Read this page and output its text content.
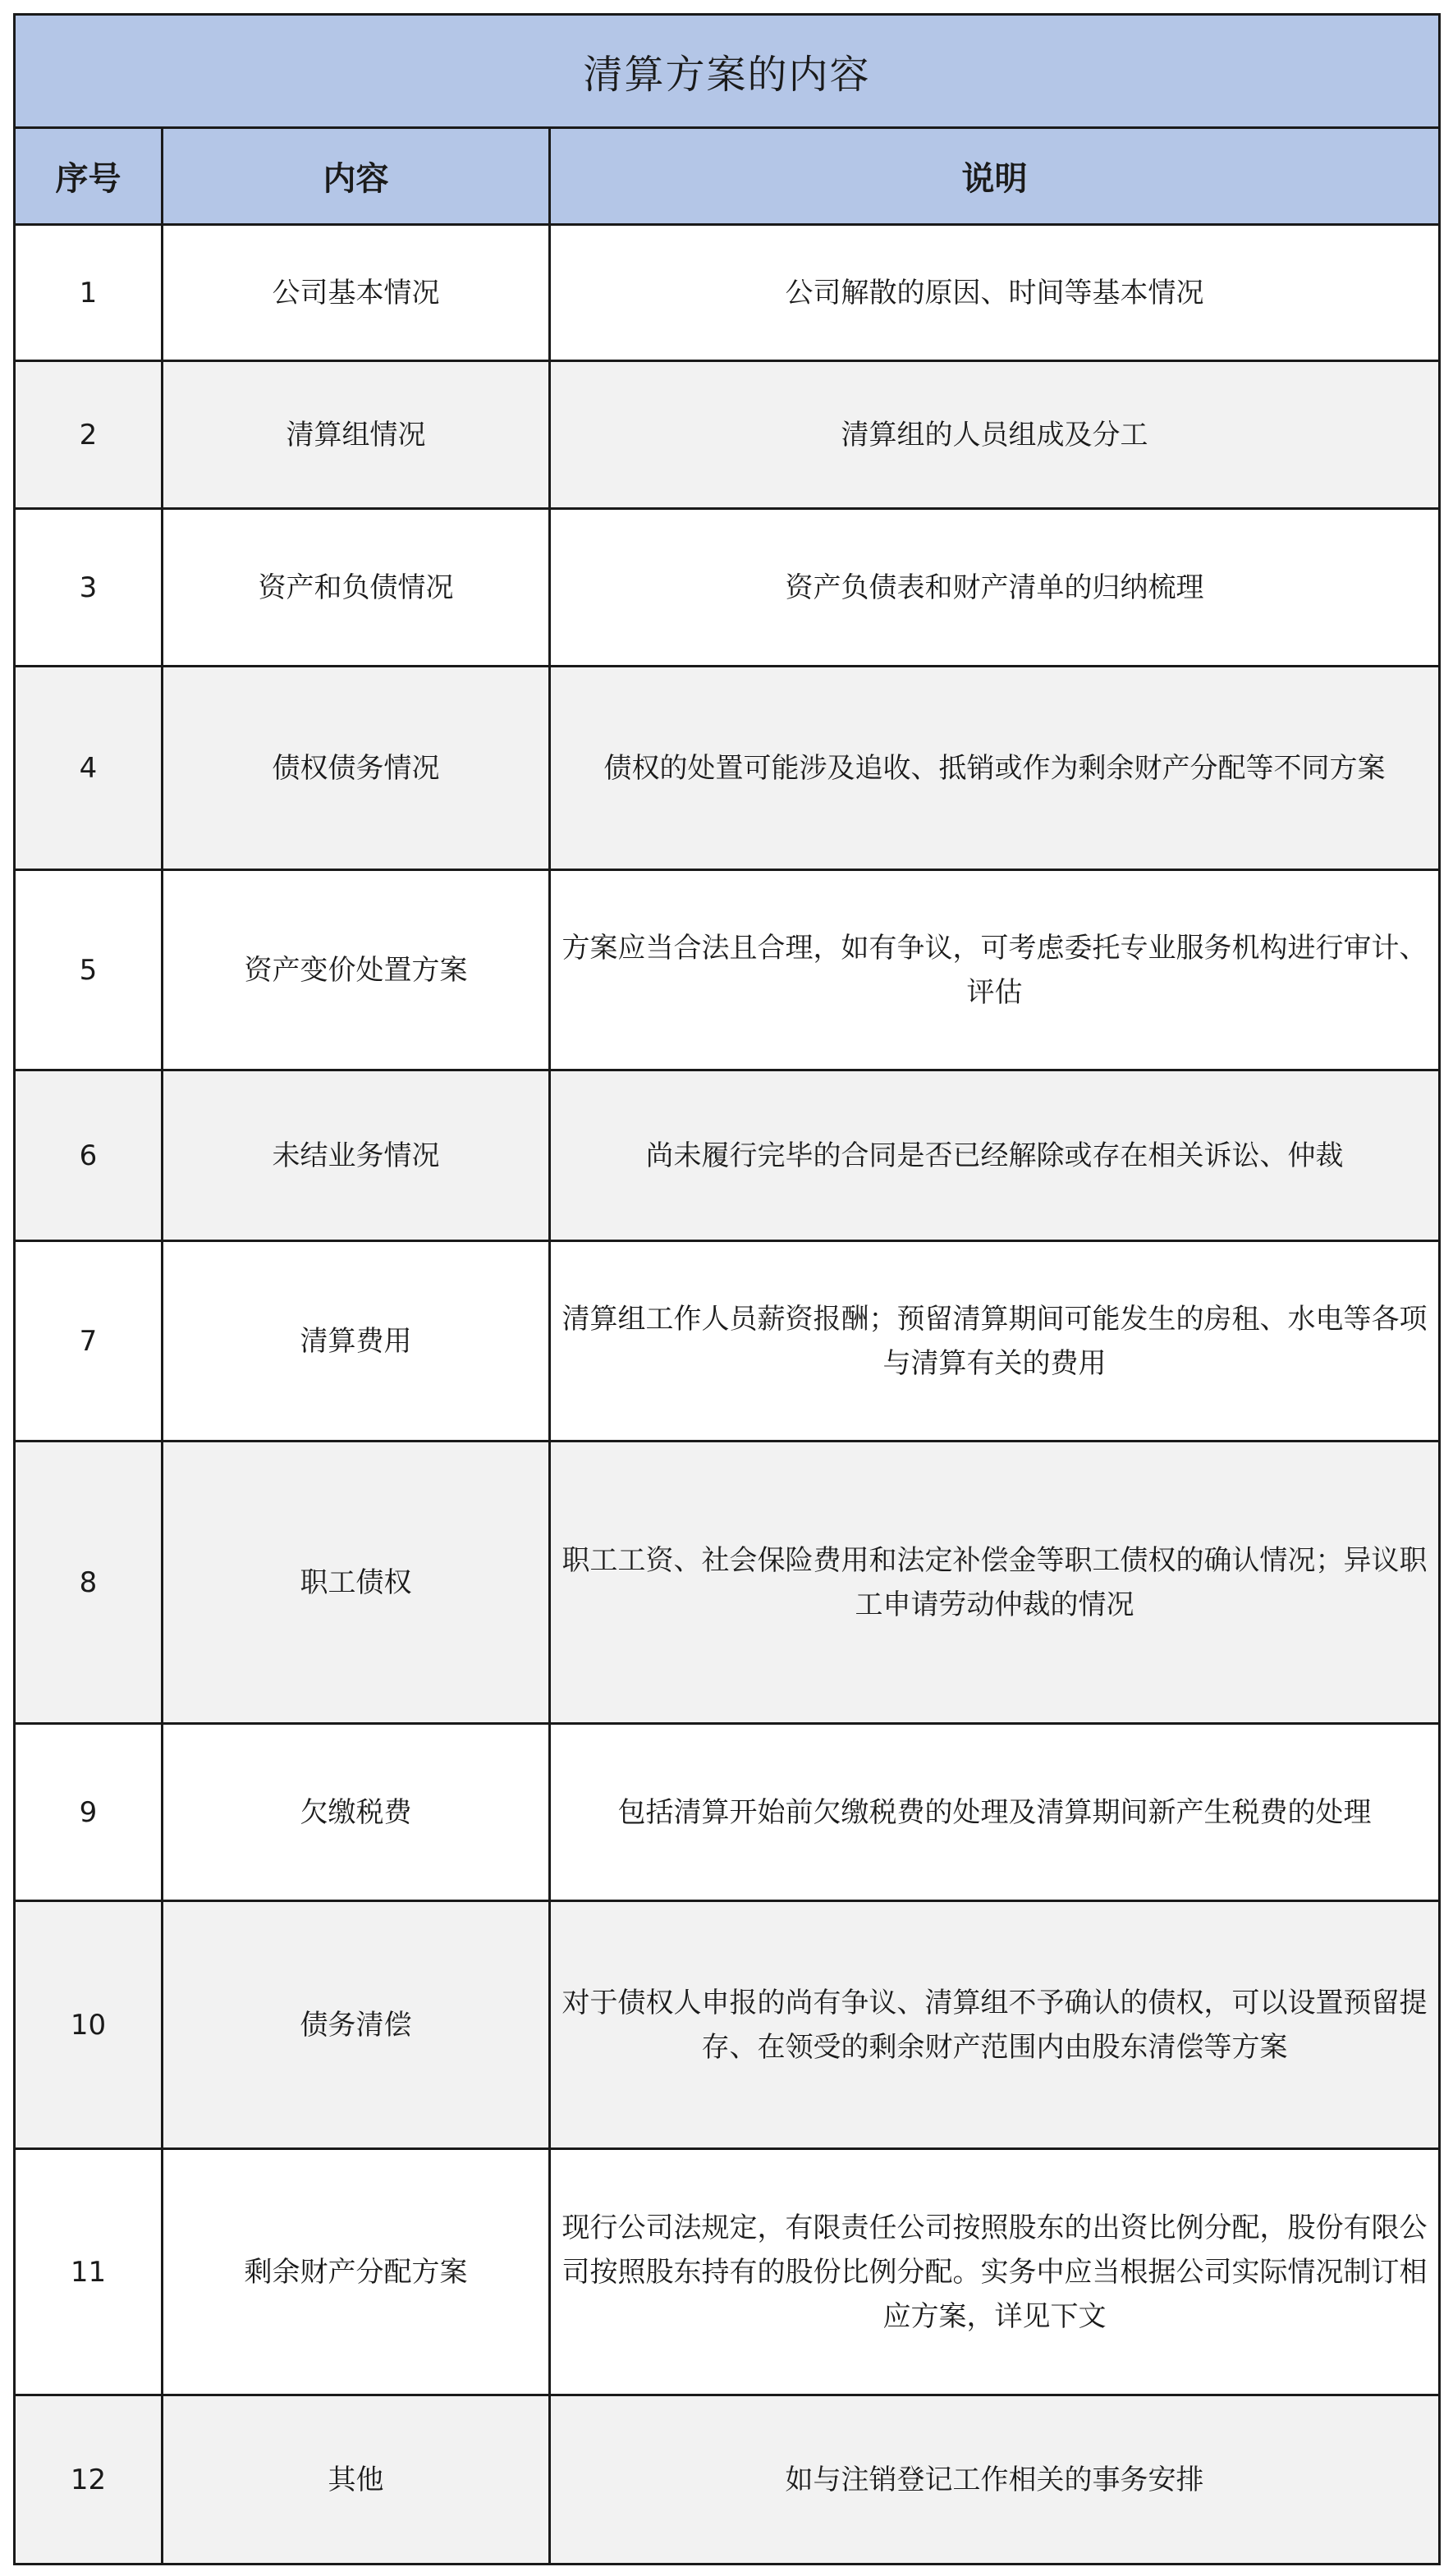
清算方案的内容		
序号	内容	说明
1	公司基本情况	公司解散的原因、时间等基本情况
2	清算组情况	清算组的人员组成及分工
3	资产和负债情况	资产负债表和财产清单的归纳梳理
4	债权债务情况	债权的处置可能涉及追收、抵销或作为剩余财产分配等不同方案
5	资产变价处置方案	方案应当合法且合理，如有争议，可考虑委托专业服务机构进行审计、评估
6	未结业务情况	尚未履行完毕的合同是否已经解除或存在相关诉讼、仲裁
7	清算费用	清算组工作人员薪资报酬；预留清算期间可能发生的房租、水电等各项与清算有关的费用
8	职工债权	职工工资、社会保险费用和法定补偿金等职工债权的确认情况；异议职工申请劳动仲裁的情况
9	欠缴税费	包括清算开始前欠缴税费的处理及清算期间新产生税费的处理
10	债务清偿	对于债权人申报的尚有争议、清算组不予确认的债权，可以设置预留提存、在领受的剩余财产范围内由股东清偿等方案
11	剩余财产分配方案	现行公司法规定，有限责任公司按照股东的出资比例分配，股份有限公司按照股东持有的股份比例分配。实务中应当根据公司实际情况制订相应方案，详见下文
12	其他	如与注销登记工作相关的事务安排
